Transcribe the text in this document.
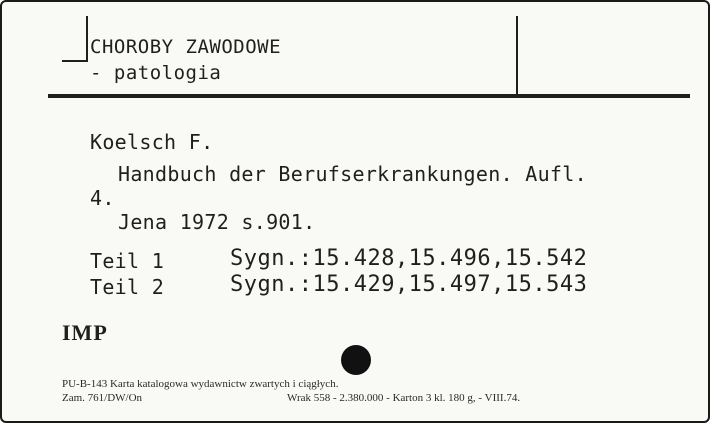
CHOROBY ZAWODOWE
- patologia
Koelsch F.
Handbuch der Berufserkrankungen. Aufl.
4.
Jena 1972 s.901.
Teil 1	Sygn.:15.428,15.496,15.542
Teil 2	Sygn.:15.429,15.497,15.543
IMP
PU-B-143 Karta katalogowa wydawnictw zwartych i ciągłych.
Zam. 761/DW/On	Wrak 558 - 2.380.000 - Karton 3 kl. 180 g, - VIII.74.
